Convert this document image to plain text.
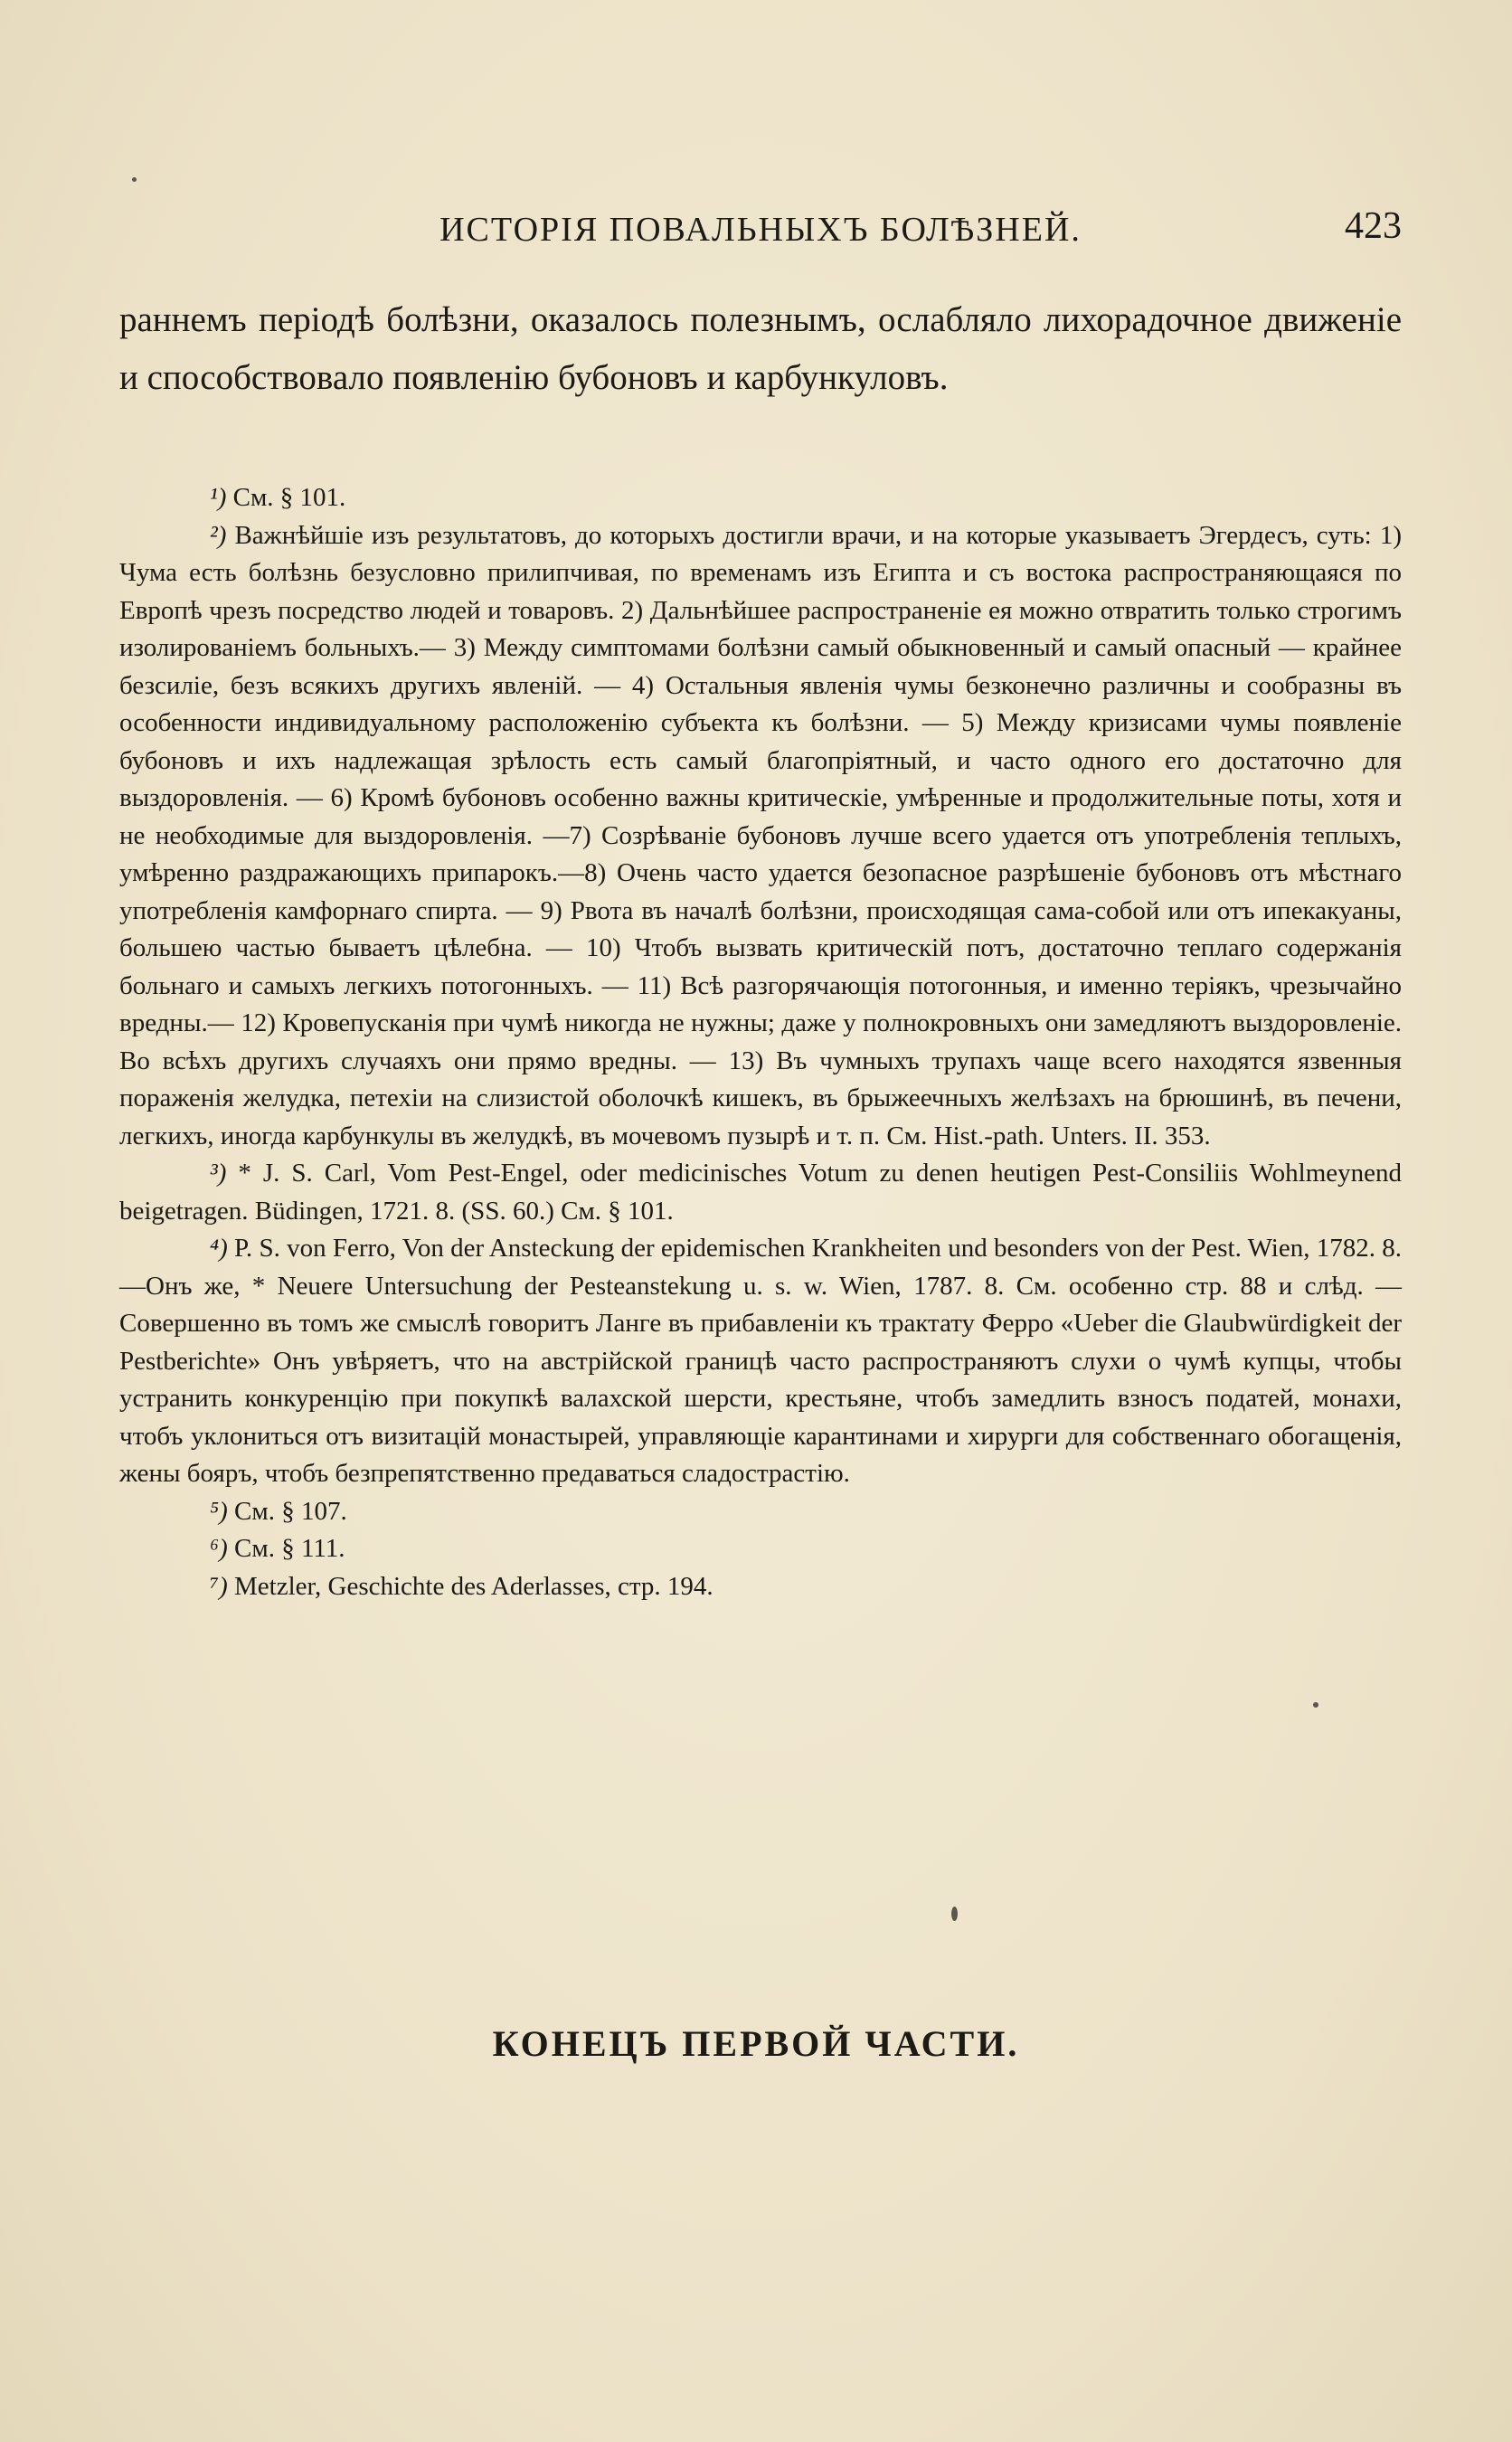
ИСТОРІЯ ПОВАЛЬНЫХЪ БОЛѢЗНЕЙ.	423
раннемъ періодѣ болѣзни, оказалось полезнымъ, ослабляло лихорадочное движеніе и способствовало появленію бубоновъ и карбункуловъ.

¹) См. § 101.

²) Важнѣйшіе изъ результатовъ, до которыхъ достигли врачи, и на которые указываетъ Эгердесъ, суть: 1) Чума есть болѣзнь безусловно прилипчивая, по временамъ изъ Египта и съ востока распространяющаяся по Европѣ чрезъ посредство людей и товаровъ. 2) Дальнѣйшее распространеніе ея можно отвратить только строгимъ изолированіемъ больныхъ.— 3) Между симптомами болѣзни самый обыкновенный и самый опасный — крайнее безсиліе, безъ всякихъ другихъ явленій. — 4) Остальныя явленія чумы безконечно различны и сообразны въ особенности индивидуальному расположенію субъекта къ болѣзни. — 5) Между кризисами чумы появленіе бубоновъ и ихъ надлежащая зрѣлость есть самый благопріятный, и часто одного его достаточно для выздоровленія. — 6) Кромѣ бубоновъ особенно важны критическіе, умѣренные и продолжительные поты, хотя и не необходимые для выздоровленія. —7) Созрѣваніе бубоновъ лучше всего удается отъ употребленія теплыхъ, умѣренно раздражающихъ припарокъ.—8) Очень часто удается безопасное разрѣшеніе бубоновъ отъ мѣстнаго употребленія камфорнаго спирта. — 9) Рвота въ началѣ болѣзни, происходящая сама-собой или отъ ипекакуаны, большею частью бываетъ цѣлебна. — 10) Чтобъ вызвать критическій потъ, достаточно теплаго содержанія больнаго и самыхъ легкихъ потогонныхъ. — 11) Всѣ разгорячающія потогонныя, и именно теріякъ, чрезычайно вредны.— 12) Кровепусканія при чумѣ никогда не нужны; даже у полнокровныхъ они замедляютъ выздоровленіе. Во всѣхъ другихъ случаяхъ они прямо вредны. — 13) Въ чумныхъ трупахъ чаще всего находятся язвенныя пораженія желудка, петехіи на слизистой оболочкѣ кишекъ, въ брыжеечныхъ желѣзахъ на брюшинѣ, въ печени, легкихъ, иногда карбункулы въ желудкѣ, въ мочевомъ пузырѣ и т. п. См. Hist.-path. Unters. II. 353.

³) * J. S. Carl, Vom Pest-Engel, oder medicinisches Votum zu denen heutigen Pest-Consiliis Wohlmeynend beigetragen. Büdingen, 1721. 8. (SS. 60.) См. § 101.

⁴) P. S. von Ferro, Von der Ansteckung der epidemischen Krankheiten und besonders von der Pest. Wien, 1782. 8.—Онъ же, * Neuere Untersuchung der Pesteanstekung u. s. w. Wien, 1787. 8. См. особенно стр. 88 и слѣд. — Совершенно въ томъ же смыслѣ говоритъ Ланге въ прибавленіи къ трактату Ферро «Ueber die Glaubwürdigkeit der Pestberichte» Онъ увѣряетъ, что на австрійской границѣ часто распространяютъ слухи о чумѣ купцы, чтобы устранить конкуренцію при покупкѣ валахской шерсти, крестьяне, чтобъ замедлить взносъ податей, монахи, чтобъ уклониться отъ визитацій монастырей, управляющіе карантинами и хирурги для собственнаго обогащенія, жены бояръ, чтобъ безпрепятственно предаваться сладострастію.

⁵) См. § 107.

⁶) См. § 111.

⁷) Metzler, Geschichte des Aderlasses, стр. 194.

КОНЕЦЪ ПЕРВОЙ ЧАСТИ.
